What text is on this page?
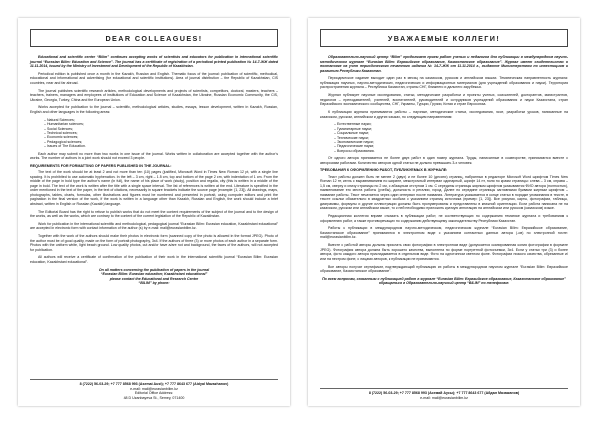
DEAR COLLEAGUES!
Educational and scientific center “Bilim” continues accepting works of scientists and educators for publication in international scientific journal “Eurasian Bilim: Education and Science”. The journal has a certificate of registration of a periodical printed publication № 14-7-ЖЖ dated 11.11.2014, issued by the Ministry of Investment and Development of the Republic of Kazakhstan.
Periodical edition is published once a month in the Kazakh, Russian and English. Thematic focus of the journal: publication of scientific, methodical, educational and informational and advertising (for educational and scientific institutions). Area of journal distribution – the Republic of Kazakhstan, CIS countries, near and far abroad.
The journal publishes scientific research articles, methodological developments and projects of scientists, competitors, doctoral, masters, teachers – teachers, trainers, managers and employees of institutions of Education and Science of Kazakhstan, the Ukraine, Russian Economic Community, the CIS, Ukraine, Georgia, Turkey, China and the European Union.
Works accepted for publication to the journal – scientific, methodological articles, studies, essays, lesson development, written in Kazakh, Russian, English and other languages in the following areas:
– Natural Sciences;
– Humanitarian sciences;
– Social Sciences;
– Technical sciences;
– Economic sciences;
– Pedagogical sciences;
– Issues of The Education.
Each author may submit no more than two works in one issue of the journal. Works written in collaboration are accepted together with the author’s works. The number of authors in a joint work should not exceed 3 people.
REQUIREMENTS FOR FORMATTING OF PAPERS PUBLISHED IN THE JOURNAL:
The text of the work should be at least 2 and not more than ten (10) pages (justified, Microsoft Word in Times New Roman 12 pt, with a single line spacing. It is prohibited to use automatic hyphenation. In the left – 3 cm, right – 1.5 cm, top and bottom of the page 2 cm, with indentation of 1 cm. From the middle of the page in bold type the author’s name (in full), the name of his place of work (study), position and regalia, city (this is written in a middle of the page in bold. The text of the work is written after the title with a single space interval. The list of references is written at the end. Literature is specified in the order mentioned in the text of the paper, in the text of citations, necessarily in square brackets indicate the source page (example: [1, 23]). All drawings, maps, photographs, tables, charts, formulas, other illustrations and figures must be numbered and presented in portrait, using computer editors and print the pagination in the final version of the work, if the work is written in a language other than Kazakh, Russian and English, the work should include a brief abstract, written in English or Russian (Kazakh) language.
The Editorial Board has the right to refuse to publish works that do not meet the content requirements of the subject of the journal and to the design of the works, as well as the works, which are contrary to the content of the current legislation of the Republic of Kazakhstan.
Work for publication in the international scientific and methodological, pedagogical journal “Eurasian Bilim: Eurasian education, Kazakhstani educational” are accepted in electronic form with contact information of the author (s) by e-mail: mail@eurasianbilim.kz.
Together with the work of the authors should make their photos in electronic form (scanned copy of the photo is allowed in the format JPEG). Photo of the author must be of good quality, made on the form of portrait photography, 3x4. If the authors of three (3) or more photos of each author in a separate form. Photos with the uniform white, light beach ground. Low quality photos, cut and/or have a/are not and background, the faces of the authors, will not accepted for publication.
All authors will receive a certificate of confirmation of the publication of their work in the international scientific journal “Eurasian Bilim: Eurasian education, Kazakhstani educational”.
On all matters concerning the publication of papers in the journal
“Eurasian Bilim: Eurasian education; Kazakhstani educational”
please contact the Educational and Research Centre
“BILIM” by phone:
8 (7222) 56-03-29; +7 777 8568 993 (Asemai Aust); +7 777 8643 677 (Aidyal Mazazhanov)
e-mail: mail@eurasianbilim.kz
Editorial Office Address:
48 D Uzanbayeva St., Semey, 071400
УВАЖАЕМЫЕ КОЛЛЕГИ!
Образовательно-научный центр “Bilim” продолжает прием работ ученых и педагогов для публикации в международном научно-методическом журнале “Eurasian Bilim: Евразийское образование, Казахстанское образование”. Журнал имеет свидетельство о постановке на учет периодического печатного издания № 14-7-ЖЖ от 11.11.2014 г., выданное Министерством по инвестициям и развитию Республики Казахстан.
Периодическое издание выходит один раз в месяц на казахском, русском и английском языках. Тематическая направленность журнала: публикация научных, научно-методических, педагогических и информационных материалов (для учреждений образования и науки). Территория распространения журнала – Республика Казахстан, страны СНГ, ближнего и дальнего зарубежья.
Журнал публикует научные исследования, статьи, методические разработки и проекты ученых, соискателей, докторантов, магистрантов, педагогов – преподавателей, учителей, воспитателей, руководителей и сотрудников учреждений образования и науки Казахстана, стран Евразийского экономического сообщества, СНГ, Украины, Турции, Грузии, Китая и стран Евросоюза.
К публикации журнала принимаются работы – научные, методические статьи, исследования, эссе, разработки уроков, написанные на казахском, русском, английском и других языках, по следующим направлениям:
– Естественные науки;
– Гуманитарные науки;
– Социальные науки;
– Технические науки;
– Экономические науки;
– Педагогические науки;
– Вопросы образования.
От одного автора принимается не более двух работ в один номер журнала. Труды, написанные в соавторстве, принимаются вместе с авторскими работами. Количество авторов одной статьи не должно превышать 3-х человек.
ТРЕБОВАНИЯ К ОФОРМЛЕНИЮ РАБОТ, ПУБЛИКУЕМЫХ В ЖУРНАЛЕ:
Текст работы должен быть не менее 2 (двух) и не более 10 (десяти) страниц, набранных в редакторе Microsoft Word шрифтом Times New Roman 12 пт, кегль с выравниванием по ширине, межстрочный интервал одинарный, шрифт 14 пт, поля по краям страницы: слева – 3 см, справа – 1,5 см, сверху и снизу страницы по 2 см, с абзацным отступом 1 см. С середины страницы жирным шрифтом указываются ФИО автора (полностью), наименование его места работы (учебы), должность и регалии, город. Далее по середине страницы заглавными буквами жирным шрифтом – название работы. Текст печатается через один интервал после названия. Литература указывается в конце статьи в порядке упоминания в тексте, в тексте ссылки обязательно в квадратных скобках с указанием страниц источника (пример: [1, 23]). Все рисунки, карты, фотографии, таблицы, диаграммы, формулы и другие иллюстрации должны быть пронумерованы и представлены в книжной ориентации. Если работа написана не на казахском, русском или английском языке, то к ней необходимо приложить краткую аннотацию на английском или русском (казахском) языке.
Редакционная коллегия вправе отказать в публикации работ, не соответствующих по содержанию тематике журнала и требованиям к оформлению работ, а также противоречащих по содержанию действующему законодательству Республики Казахстан.
Работы к публикации в международном научно-методическом, педагогическом журнале “Eurasian Bilim: Евразийское образование, Казахстанское образование” принимаются в электронном виде с указанием контактных данных автора (-ов) по электронной почте: mail@eurasianbilim.kz.
Вместе с работой авторы должны прислать свои фотографии в электронном виде (допускается сканированная копия фотографии в формате JPEG). Фотография автора должна быть хорошего качества, выполнена по форме портретной фотосъемки, 3х4. Если у статьи три (3) и более автора, фото каждого автора прикладывается в отдельном виде. Фото на однотонном светлом фоне. Фотографии низкого качества, обрезанные и/или на пестром фоне, с лицами авторов, к публикации не принимаются.
Все авторы получат сертификат, подтверждающий публикацию их работы в международном научном журнале “Eurasian Bilim: Евразийское образование, Казахстанское образование”.
По всем вопросам, связанным с публикацией работ в журнале “Eurasian Bilim: Евразийское образование, Казахстанское образование” обращаться в Образовательно-научный центр “BILIM” по телефонам:
8 (7222) 56-03-29; +7 777 8568 993 (Асемай Аусы); +7 777 8643 677 (Айдал Мазажанов)
e-mail: mail@eurasianbilim.kz
